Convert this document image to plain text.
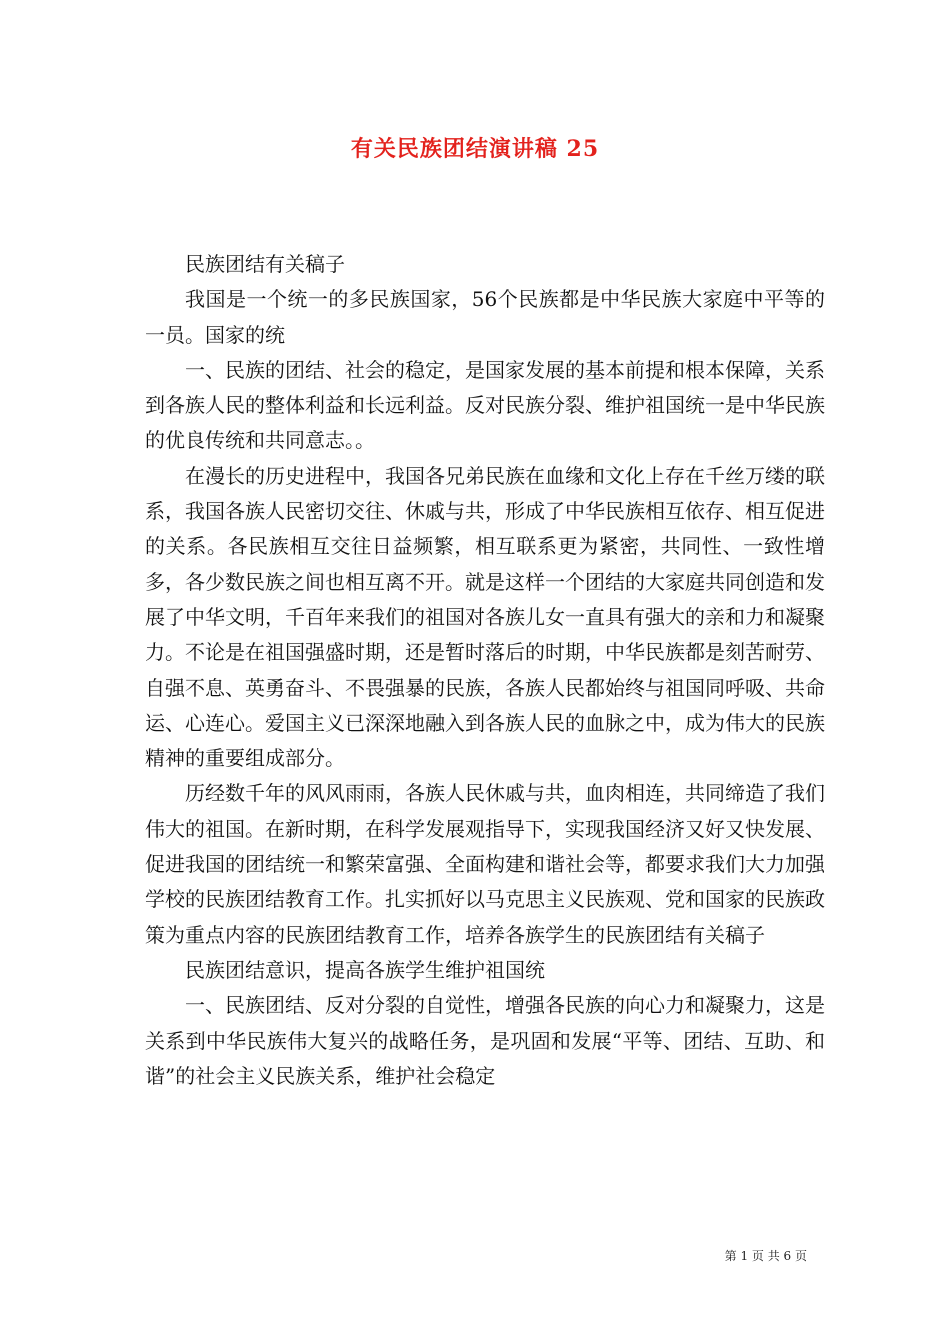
有关民族团结演讲稿 25

民族团结有关稿子

我国是一个统一的多民族国家，56个民族都是中华民族大家庭中平等的一员。国家的统

一、民族的团结、社会的稳定，是国家发展的基本前提和根本保障，关系到各族人民的整体利益和长远利益。反对民族分裂、维护祖国统一是中华民族的优良传统和共同意志。。

在漫长的历史进程中，我国各兄弟民族在血缘和文化上存在千丝万缕的联系，我国各族人民密切交往、休戚与共，形成了中华民族相互依存、相互促进的关系。各民族相互交往日益频繁，相互联系更为紧密，共同性、一致性增多，各少数民族之间也相互离不开。就是这样一个团结的大家庭共同创造和发展了中华文明，千百年来我们的祖国对各族儿女一直具有强大的亲和力和凝聚力。不论是在祖国强盛时期，还是暂时落后的时期，中华民族都是刻苦耐劳、自强不息、英勇奋斗、不畏强暴的民族，各族人民都始终与祖国同呼吸、共命运、心连心。爱国主义已深深地融入到各族人民的血脉之中，成为伟大的民族精神的重要组成部分。

历经数千年的风风雨雨，各族人民休戚与共，血肉相连，共同缔造了我们伟大的祖国。在新时期，在科学发展观指导下，实现我国经济又好又快发展、促进我国的团结统一和繁荣富强、全面构建和谐社会等，都要求我们大力加强学校的民族团结教育工作。扎实抓好以马克思主义民族观、党和国家的民族政策为重点内容的民族团结教育工作，培养各族学生的民族团结有关稿子

民族团结意识，提高各族学生维护祖国统

一、民族团结、反对分裂的自觉性，增强各民族的向心力和凝聚力，这是关系到中华民族伟大复兴的战略任务，是巩固和发展“平等、团结、互助、和谐”的社会主义民族关系，维护社会稳定

第 1 页 共 6 页
